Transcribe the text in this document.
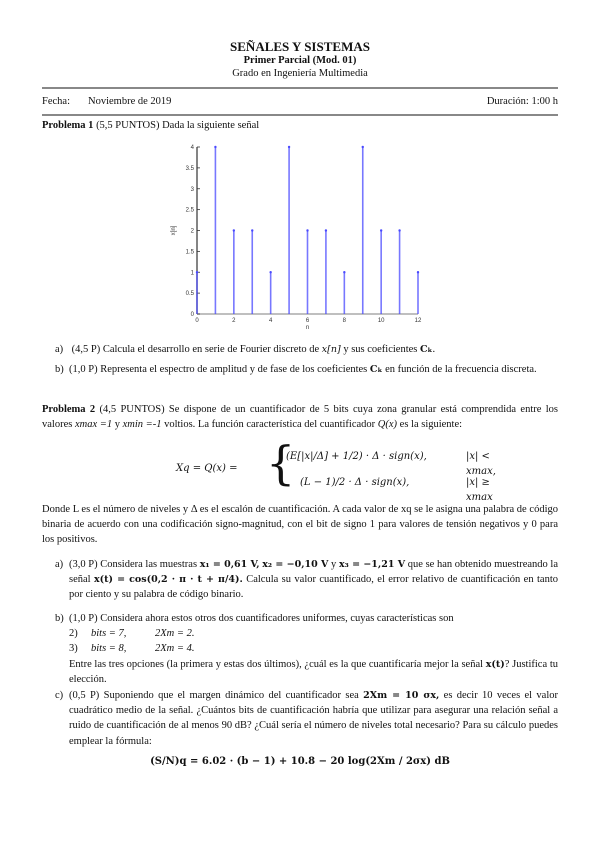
SEÑALES Y SISTEMAS
Primer Parcial (Mod. 01)
Grado en Ingeniería Multimedia
Fecha: Noviembre de 2019	Duración: 1:00 h
Problema 1 (5,5 PUNTOS) Dada la siguiente señal
0
0.5
1
1.5
2
2.5
3
3.5
4
0	2	4	6	8	10	12
n
x[n]
a) (4,5 P) Calcula el desarrollo en serie de Fourier discreto de x[n] y sus coeficientes Cₖ.
b) (1,0 P) Representa el espectro de amplitud y de fase de los coeficientes Cₖ en función de la frecuencia discreta.
Problema 2 (4,5 PUNTOS) Se dispone de un cuantificador de 5 bits cuya zona granular está comprendida entre los valores xmax =1 y xmin =-1 voltios. La función característica del cuantificador Q(x) es la siguiente:
Xq = Q(x) = {
(E[|x|/Δ] + 1/2) · Δ · sign(x),	|x| < xmax,
(L − 1)/2 · Δ · sign(x),	|x| ≥ xmax
Donde L es el número de niveles y Δ es el escalón de cuantificación. A cada valor de xq se le asigna una palabra de código binaria de acuerdo con una codificación signo-magnitud, con el bit de signo 1 para valores de tensión negativos y 0 para los positivos.
a) (3,0 P) Considera las muestras x₁ = 0,61 V, x₂ = −0,10 V y x₃ = −1,21 V que se han obtenido muestreando la señal x(t) = cos(0,2 · π · t + π/4). Calcula su valor cuantificado, el error relativo de cuantificación en tanto por ciento y su palabra de código binario.
b) (1,0 P) Considera ahora estos otros dos cuantificadores uniformes, cuyas características son
2) bits = 7,	2Xm = 2.
3) bits = 8,	2Xm = 4.
Entre las tres opciones (la primera y estas dos últimos), ¿cuál es la que cuantificaría mejor la señal x(t)? Justifica tu elección.
c) (0,5 P) Suponiendo que el margen dinámico del cuantificador sea 2Xm = 10 σx, es decir 10 veces el valor cuadrático medio de la señal. ¿Cuántos bits de cuantificación habría que utilizar para asegurar una relación señal a ruido de cuantificación de al menos 90 dB? ¿Cuál sería el número de niveles total necesario? Para su cálculo puedes emplear la fórmula:
(S/N)q = 6.02 · (b − 1) + 10.8 − 20 log(2Xm / 2σx) dB
